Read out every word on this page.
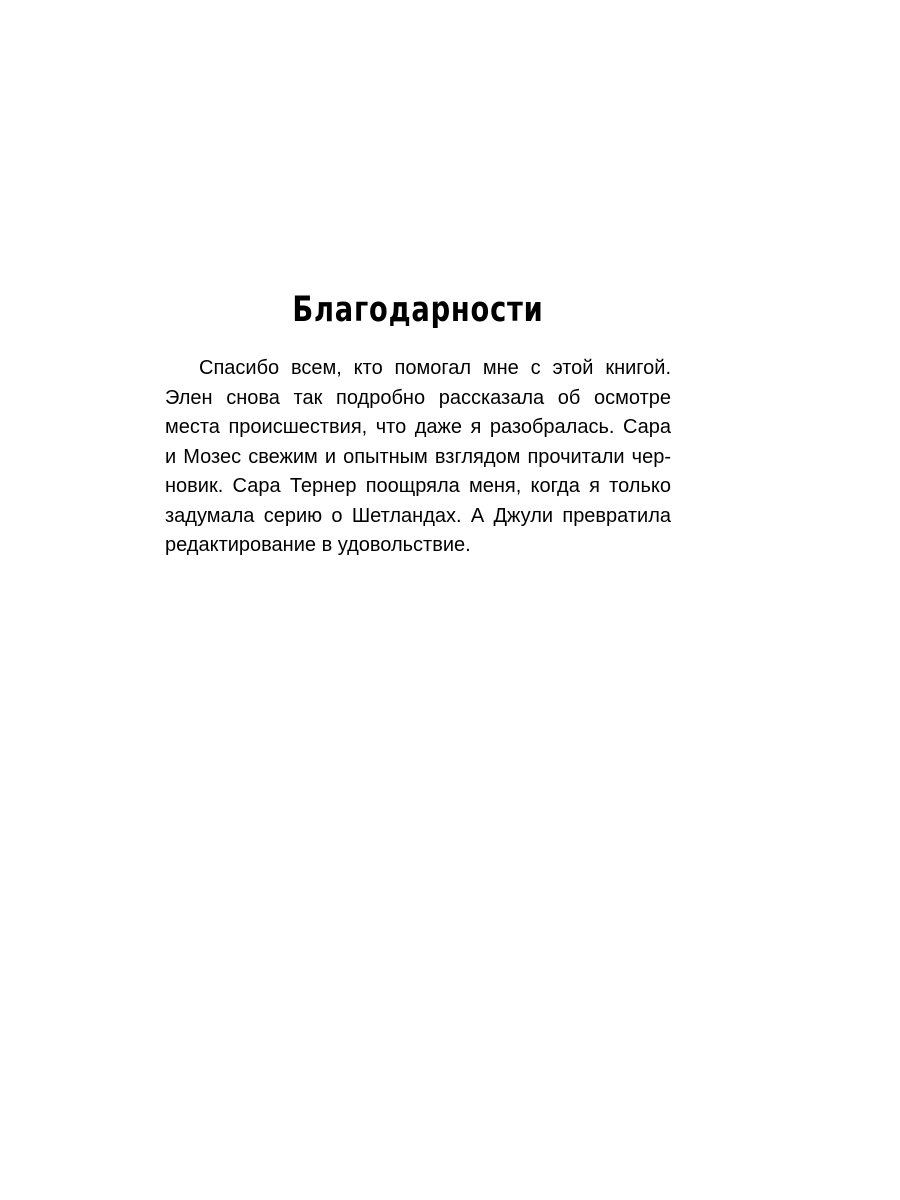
Благодарности
Спасибо всем, кто помогал мне с этой книгой.
Элен снова так подробно рассказала об осмотре
места происшествия, что даже я разобралась. Сара
и Мозес свежим и опытным взглядом прочитали чер-
новик. Сара Тернер поощряла меня, когда я только
задумала серию о Шетландах. А Джули превратила
редактирование в удовольствие.
